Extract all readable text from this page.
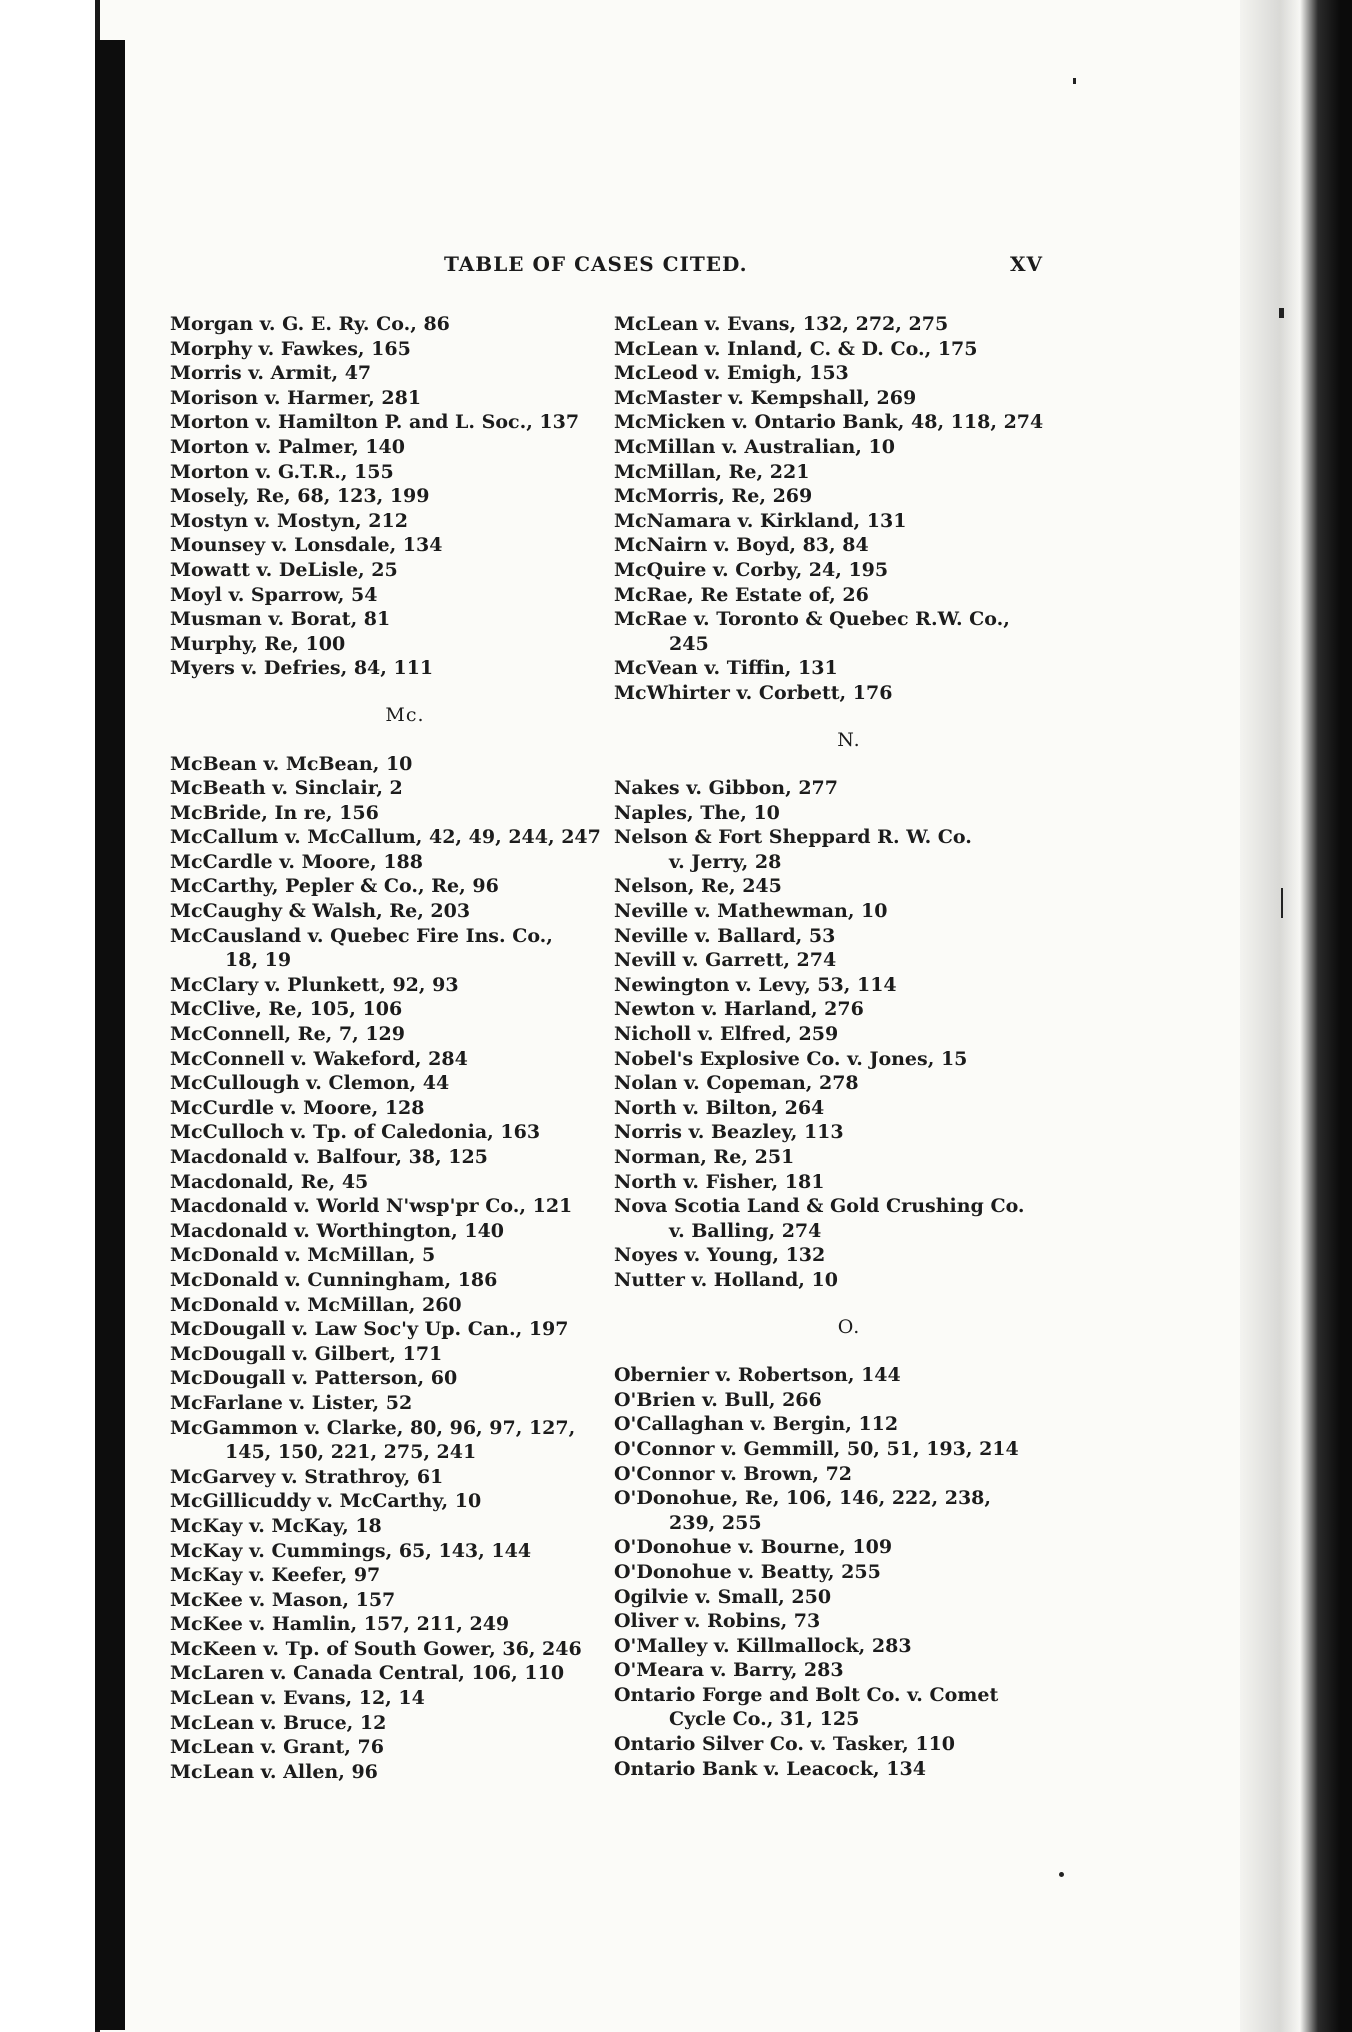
TABLE OF CASES CITED.	XV
Morgan v. G. E. Ry. Co., 86
Morphy v. Fawkes, 165
Morris v. Armit, 47
Morison v. Harmer, 281
Morton v. Hamilton P. and L. Soc., 137
Morton v. Palmer, 140
Morton v. G.T.R., 155
Mosely, Re, 68, 123, 199
Mostyn v. Mostyn, 212
Mounsey v. Lonsdale, 134
Mowatt v. DeLisle, 25
Moyl v. Sparrow, 54
Musman v. Borat, 81
Murphy, Re, 100
Myers v. Defries, 84, 111
Mc.
McBean v. McBean, 10
McBeath v. Sinclair, 2
McBride, In re, 156
McCallum v. McCallum, 42, 49, 244, 247
McCardle v. Moore, 188
McCarthy, Pepler & Co., Re, 96
McCaughy & Walsh, Re, 203
McCausland v. Quebec Fire Ins. Co.,
18, 19
McClary v. Plunkett, 92, 93
McClive, Re, 105, 106
McConnell, Re, 7, 129
McConnell v. Wakeford, 284
McCullough v. Clemon, 44
McCurdle v. Moore, 128
McCulloch v. Tp. of Caledonia, 163
Macdonald v. Balfour, 38, 125
Macdonald, Re, 45
Macdonald v. World N'wsp'pr Co., 121
Macdonald v. Worthington, 140
McDonald v. McMillan, 5
McDonald v. Cunningham, 186
McDonald v. McMillan, 260
McDougall v. Law Soc'y Up. Can., 197
McDougall v. Gilbert, 171
McDougall v. Patterson, 60
McFarlane v. Lister, 52
McGammon v. Clarke, 80, 96, 97, 127,
145, 150, 221, 275, 241
McGarvey v. Strathroy, 61
McGillicuddy v. McCarthy, 10
McKay v. McKay, 18
McKay v. Cummings, 65, 143, 144
McKay v. Keefer, 97
McKee v. Mason, 157
McKee v. Hamlin, 157, 211, 249
McKeen v. Tp. of South Gower, 36, 246
McLaren v. Canada Central, 106, 110
McLean v. Evans, 12, 14
McLean v. Bruce, 12
McLean v. Grant, 76
McLean v. Allen, 96
McLean v. Evans, 132, 272, 275
McLean v. Inland, C. & D. Co., 175
McLeod v. Emigh, 153
McMaster v. Kempshall, 269
McMicken v. Ontario Bank, 48, 118, 274
McMillan v. Australian, 10
McMillan, Re, 221
McMorris, Re, 269
McNamara v. Kirkland, 131
McNairn v. Boyd, 83, 84
McQuire v. Corby, 24, 195
McRae, Re Estate of, 26
McRae v. Toronto & Quebec R.W. Co.,
245
McVean v. Tiffin, 131
McWhirter v. Corbett, 176
N.
Nakes v. Gibbon, 277
Naples, The, 10
Nelson & Fort Sheppard R. W. Co.
v. Jerry, 28
Nelson, Re, 245
Neville v. Mathewman, 10
Neville v. Ballard, 53
Nevill v. Garrett, 274
Newington v. Levy, 53, 114
Newton v. Harland, 276
Nicholl v. Elfred, 259
Nobel's Explosive Co. v. Jones, 15
Nolan v. Copeman, 278
North v. Bilton, 264
Norris v. Beazley, 113
Norman, Re, 251
North v. Fisher, 181
Nova Scotia Land & Gold Crushing Co.
v. Balling, 274
Noyes v. Young, 132
Nutter v. Holland, 10
O.
Obernier v. Robertson, 144
O'Brien v. Bull, 266
O'Callaghan v. Bergin, 112
O'Connor v. Gemmill, 50, 51, 193, 214
O'Connor v. Brown, 72
O'Donohue, Re, 106, 146, 222, 238,
239, 255
O'Donohue v. Bourne, 109
O'Donohue v. Beatty, 255
Ogilvie v. Small, 250
Oliver v. Robins, 73
O'Malley v. Killmallock, 283
O'Meara v. Barry, 283
Ontario Forge and Bolt Co. v. Comet
Cycle Co., 31, 125
Ontario Silver Co. v. Tasker, 110
Ontario Bank v. Leacock, 134
